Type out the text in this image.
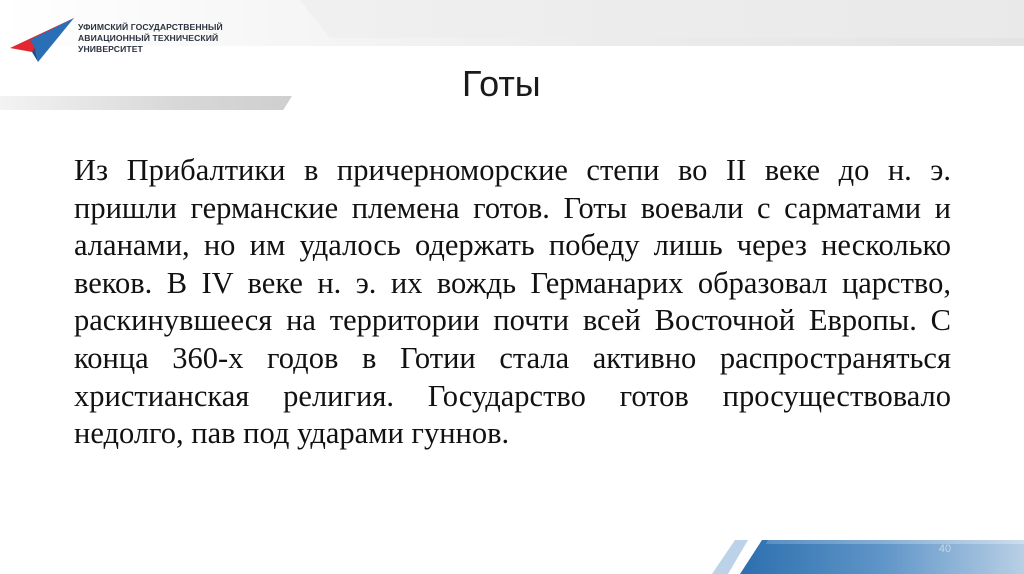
УФИМСКИЙ ГОСУДАРСТВЕННЫЙ
АВИАЦИОННЫЙ ТЕХНИЧЕСКИЙ
УНИВЕРСИТЕТ
Готы

Из Прибалтики в причерноморские степи во II веке до н. э. пришли германские племена готов. Готы воевали с сарматами и аланами, но им удалось одержать победу лишь через несколько веков. В IV веке н. э. их вождь Германарих образовал царство, раскинувшееся на территории почти всей Восточной Европы. С конца 360-х годов в Готии стала активно распространяться христианская религия. Государство готов просуществовало недолго, пав под ударами гуннов.

40
